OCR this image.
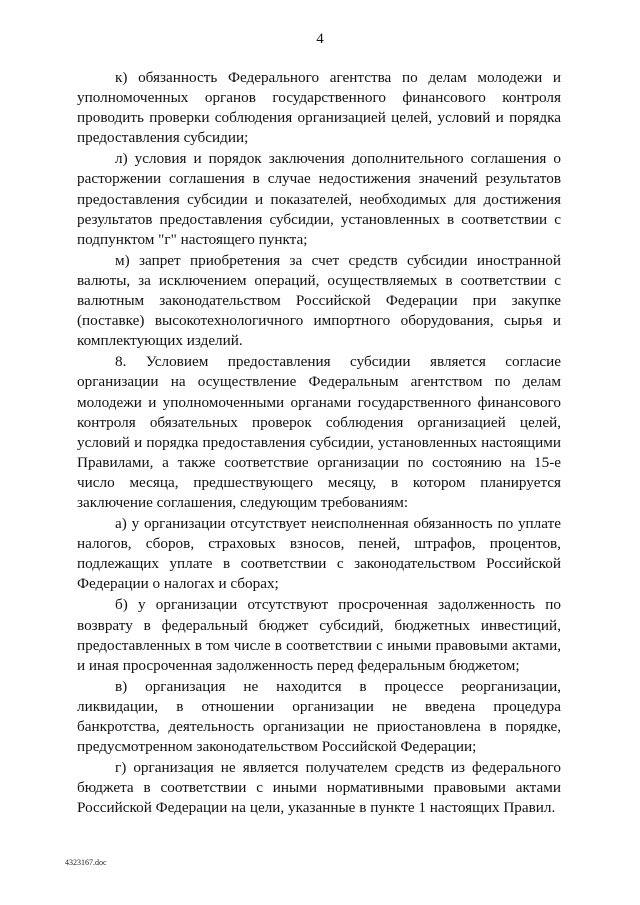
4

к) обязанность Федерального агентства по делам молодежи и уполномоченных органов государственного финансового контроля проводить проверки соблюдения организацией целей, условий и порядка предоставления субсидии;

л) условия и порядок заключения дополнительного соглашения о расторжении соглашения в случае недостижения значений результатов предоставления субсидии и показателей, необходимых для достижения результатов предоставления субсидии, установленных в соответствии с подпунктом "г" настоящего пункта;

м) запрет приобретения за счет средств субсидии иностранной валюты, за исключением операций, осуществляемых в соответствии с валютным законодательством Российской Федерации при закупке (поставке) высокотехнологичного импортного оборудования, сырья и комплектующих изделий.

8. Условием предоставления субсидии является согласие организации на осуществление Федеральным агентством по делам молодежи и уполномоченными органами государственного финансового контроля обязательных проверок соблюдения организацией целей, условий и порядка предоставления субсидии, установленных настоящими Правилами, а также соответствие организации по состоянию на 15-е число месяца, предшествующего месяцу, в котором планируется заключение соглашения, следующим требованиям:

а) у организации отсутствует неисполненная обязанность по уплате налогов, сборов, страховых взносов, пеней, штрафов, процентов, подлежащих уплате в соответствии с законодательством Российской Федерации о налогах и сборах;

б) у организации отсутствуют просроченная задолженность по возврату в федеральный бюджет субсидий, бюджетных инвестиций, предоставленных в том числе в соответствии с иными правовыми актами, и иная просроченная задолженность перед федеральным бюджетом;

в) организация не находится в процессе реорганизации, ликвидации, в отношении организации не введена процедура банкротства, деятельность организации не приостановлена в порядке, предусмотренном законодательством Российской Федерации;

г) организация не является получателем средств из федерального бюджета в соответствии с иными нормативными правовыми актами Российской Федерации на цели, указанные в пункте 1 настоящих Правил.

4323167.doc
